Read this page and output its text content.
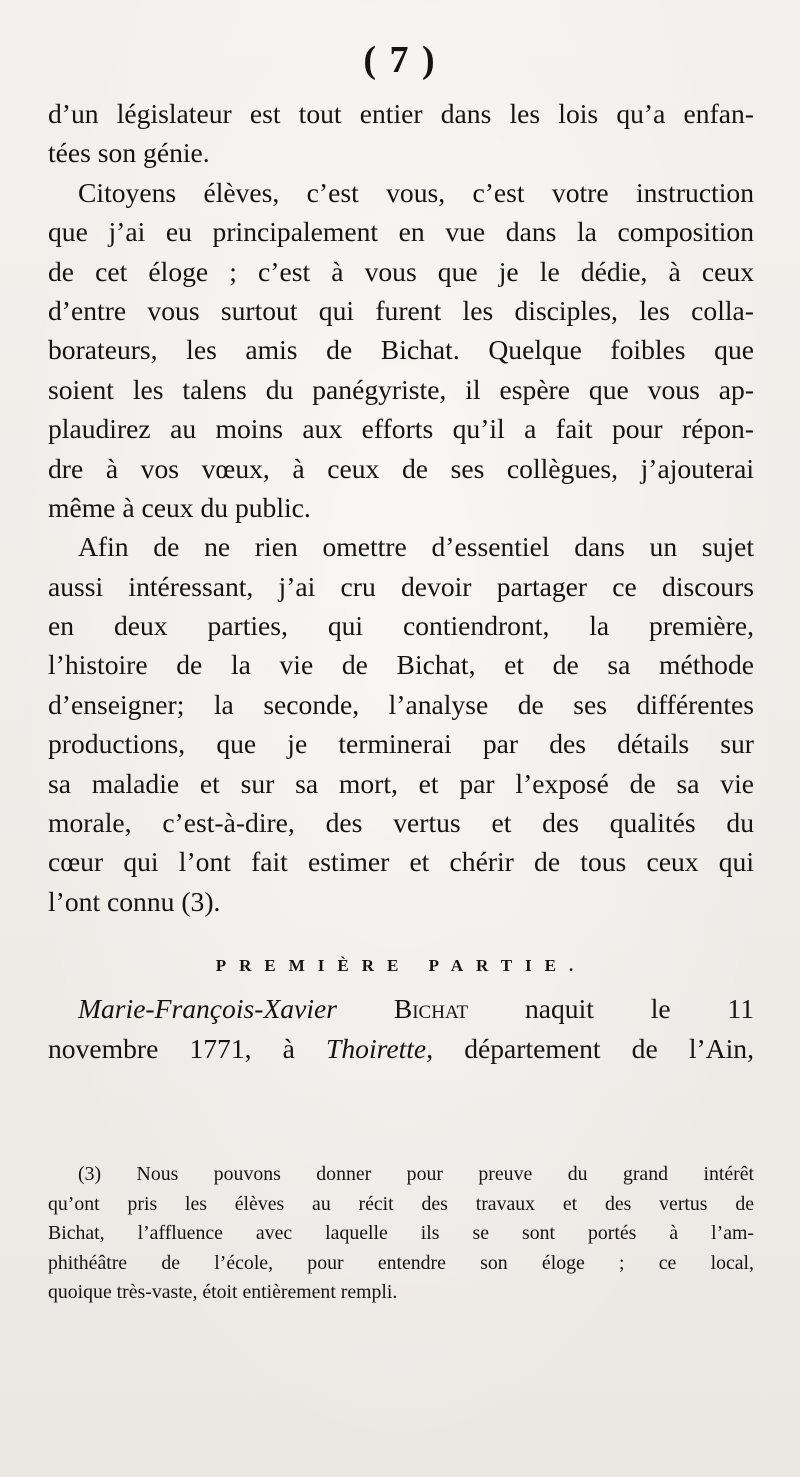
( 7 )
d’un législateur est tout entier dans les lois qu’a enfan-
tées son génie.
Citoyens élèves, c’est vous, c’est votre instruction
que j’ai eu principalement en vue dans la composition
de cet éloge ; c’est à vous que je le dédie, à ceux
d’entre vous surtout qui furent les disciples, les colla-
borateurs, les amis de Bichat. Quelque foibles que
soient les talens du panégyriste, il espère que vous ap-
plaudirez au moins aux efforts qu’il a fait pour répon-
dre à vos vœux, à ceux de ses collègues, j’ajouterai
même à ceux du public.
Afin de ne rien omettre d’essentiel dans un sujet
aussi intéressant, j’ai cru devoir partager ce discours
en deux parties, qui contiendront, la première,
l’histoire de la vie de Bichat, et de sa méthode
d’enseigner; la seconde, l’analyse de ses différentes
productions, que je terminerai par des détails sur
sa maladie et sur sa mort, et par l’exposé de sa vie
morale, c’est-à-dire, des vertus et des qualités du
cœur qui l’ont fait estimer et chérir de tous ceux qui
l’ont connu (3).
PREMIÈRE PARTIE.
Marie-François-Xavier Bichat naquit le 11
novembre 1771, à Thoirette, département de l’Ain,
(3) Nous pouvons donner pour preuve du grand intérêt
qu’ont pris les élèves au récit des travaux et des vertus de
Bichat, l’affluence avec laquelle ils se sont portés à l’am-
phithéâtre de l’école, pour entendre son éloge ; ce local,
quoique très-vaste, étoit entièrement rempli.
